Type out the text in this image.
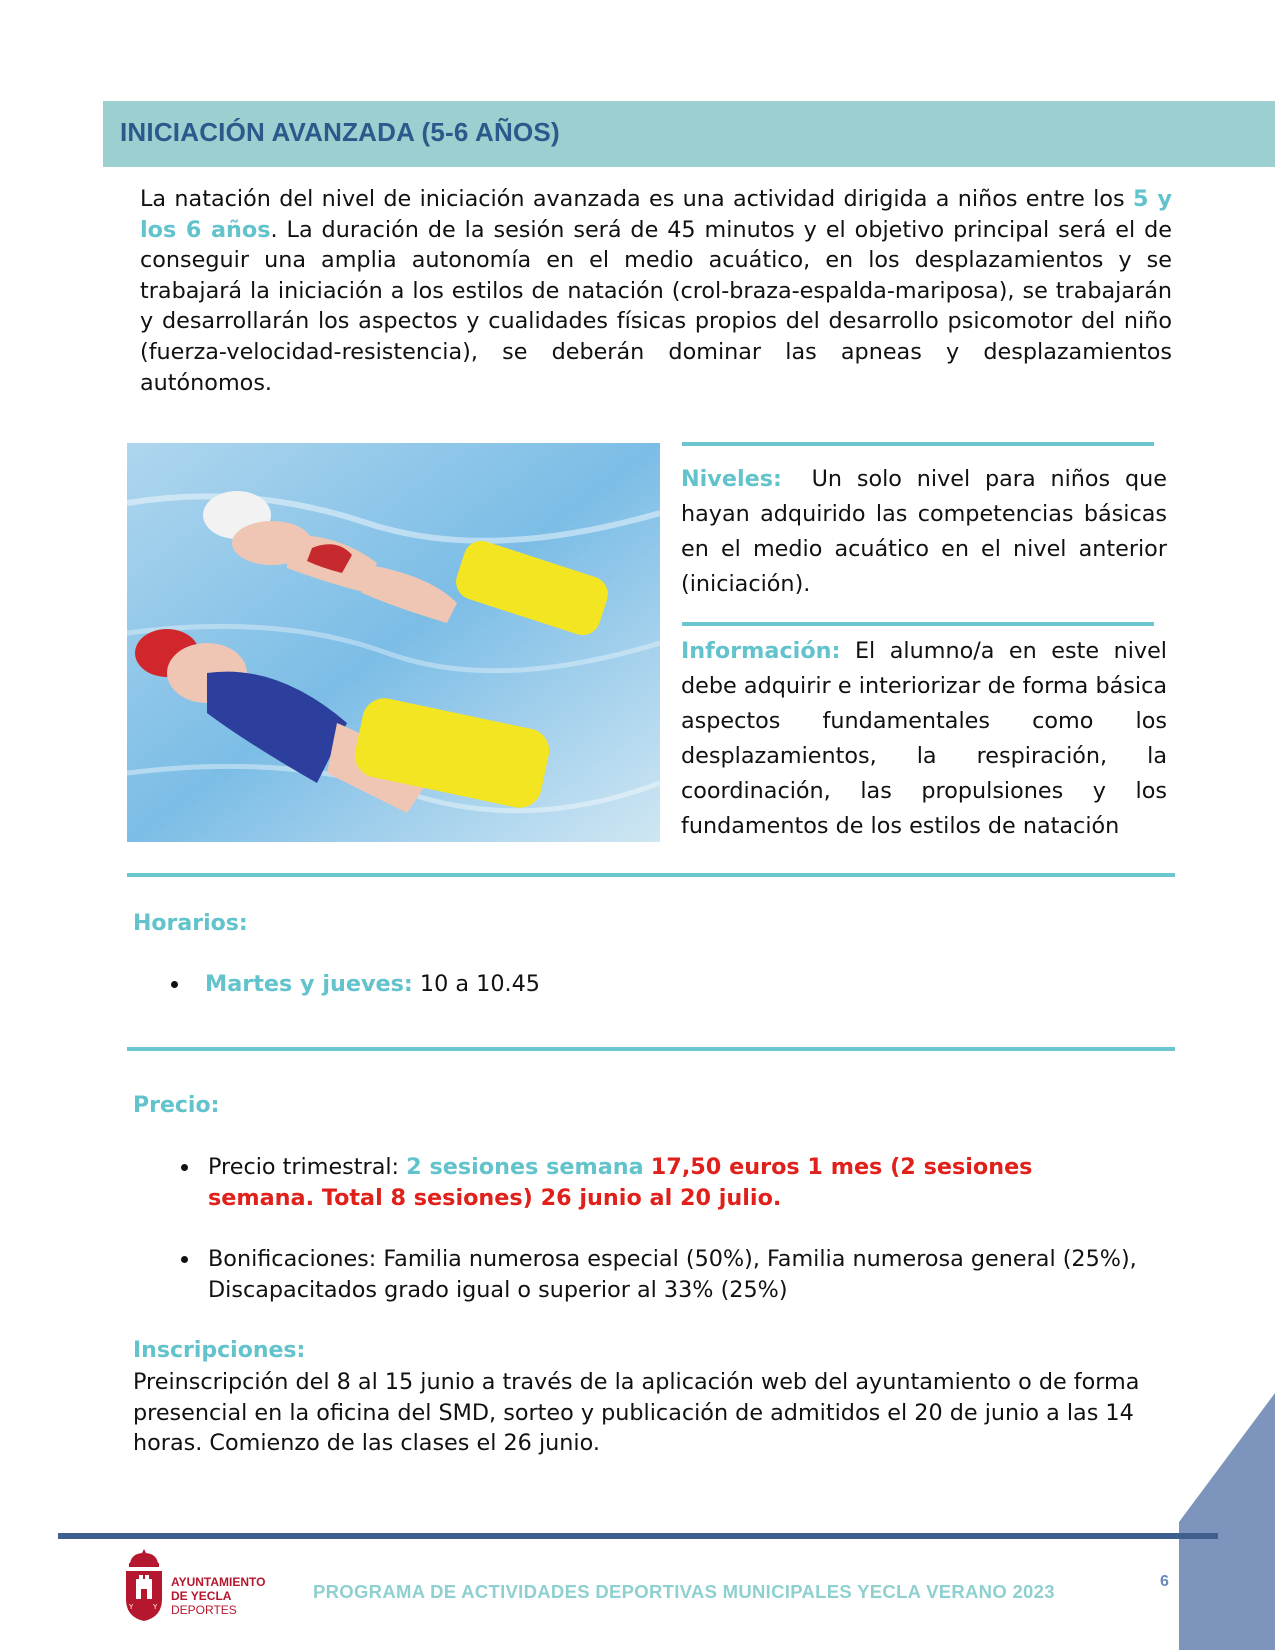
INICIACIÓN AVANZADA (5-6 AÑOS)

La natación del nivel de iniciación avanzada es una actividad dirigida a niños entre los 5 y los 6 años. La duración de la sesión será de 45 minutos y el objetivo principal será el de conseguir una amplia autonomía en el medio acuático, en los desplazamientos y se trabajará la iniciación a los estilos de natación (crol-braza-espalda-mariposa), se trabajarán y desarrollarán los aspectos y cualidades físicas propios del desarrollo psicomotor del niño (fuerza-velocidad-resistencia), se deberán dominar las apneas y desplazamientos autónomos.

Niveles: Un solo nivel para niños que hayan adquirido las competencias básicas en el medio acuático en el nivel anterior (iniciación).

Información: El alumno/a en este nivel debe adquirir e interiorizar de forma básica aspectos fundamentales como los desplazamientos, la respiración, la coordinación, las propulsiones y los fundamentos de los estilos de natación

Horarios:

Martes y jueves: 10 a 10.45

Precio:

Precio trimestral: 2 sesiones semana 17,50 euros 1 mes (2 sesiones semana. Total 8 sesiones) 26 junio al 20 julio.

Bonificaciones: Familia numerosa especial (50%), Familia numerosa general (25%), Discapacitados grado igual o superior al 33% (25%)

Inscripciones:

Preinscripción del 8 al 15 junio a través de la aplicación web del ayuntamiento o de forma presencial en la oficina del SMD, sorteo y publicación de admitidos el 20 de junio a las 14 horas. Comienzo de las clases el 26 junio.

Y	Y
AYUNTAMIENTO
DE YECLA
DEPORTES
PROGRAMA DE ACTIVIDADES DEPORTIVAS MUNICIPALES YECLA VERANO 2023	6
